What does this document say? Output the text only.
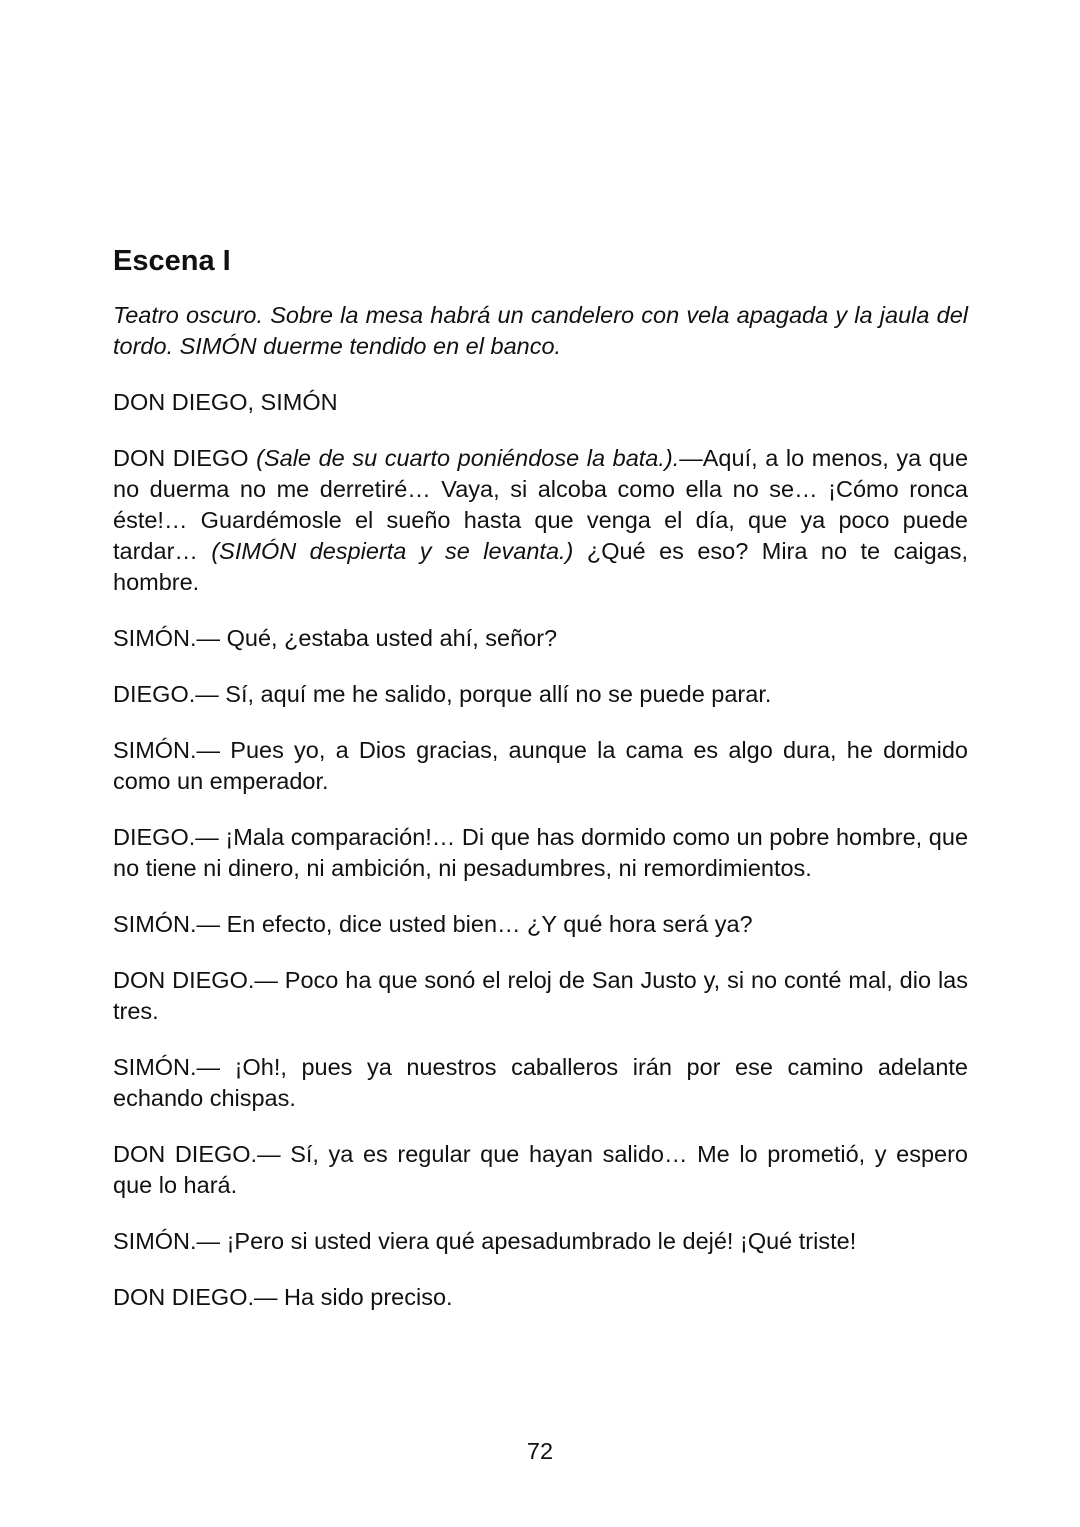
Escena I

Teatro oscuro. Sobre la mesa habrá un candelero con vela apagada y la jaula del tordo. SIMÓN duerme tendido en el banco.

DON DIEGO, SIMÓN

DON DIEGO (Sale de su cuarto poniéndose la bata.).—Aquí, a lo menos, ya que no duerma no me derretiré… Vaya, si alcoba como ella no se… ¡Cómo ronca éste!… Guardémosle el sueño hasta que venga el día, que ya poco puede tardar… (SIMÓN despierta y se levanta.) ¿Qué es eso? Mira no te caigas, hombre.

SIMÓN.— Qué, ¿estaba usted ahí, señor?

DIEGO.— Sí, aquí me he salido, porque allí no se puede parar.

SIMÓN.— Pues yo, a Dios gracias, aunque la cama es algo dura, he dormido como un emperador.

DIEGO.— ¡Mala comparación!… Di que has dormido como un pobre hombre, que no tiene ni dinero, ni ambición, ni pesadumbres, ni remordimientos.

SIMÓN.— En efecto, dice usted bien… ¿Y qué hora será ya?

DON DIEGO.— Poco ha que sonó el reloj de San Justo y, si no conté mal, dio las tres.

SIMÓN.— ¡Oh!, pues ya nuestros caballeros irán por ese camino adelante echando chispas.

DON DIEGO.— Sí, ya es regular que hayan salido… Me lo prometió, y espero que lo hará.

SIMÓN.— ¡Pero si usted viera qué apesadumbrado le dejé! ¡Qué triste!

DON DIEGO.— Ha sido preciso.

72
